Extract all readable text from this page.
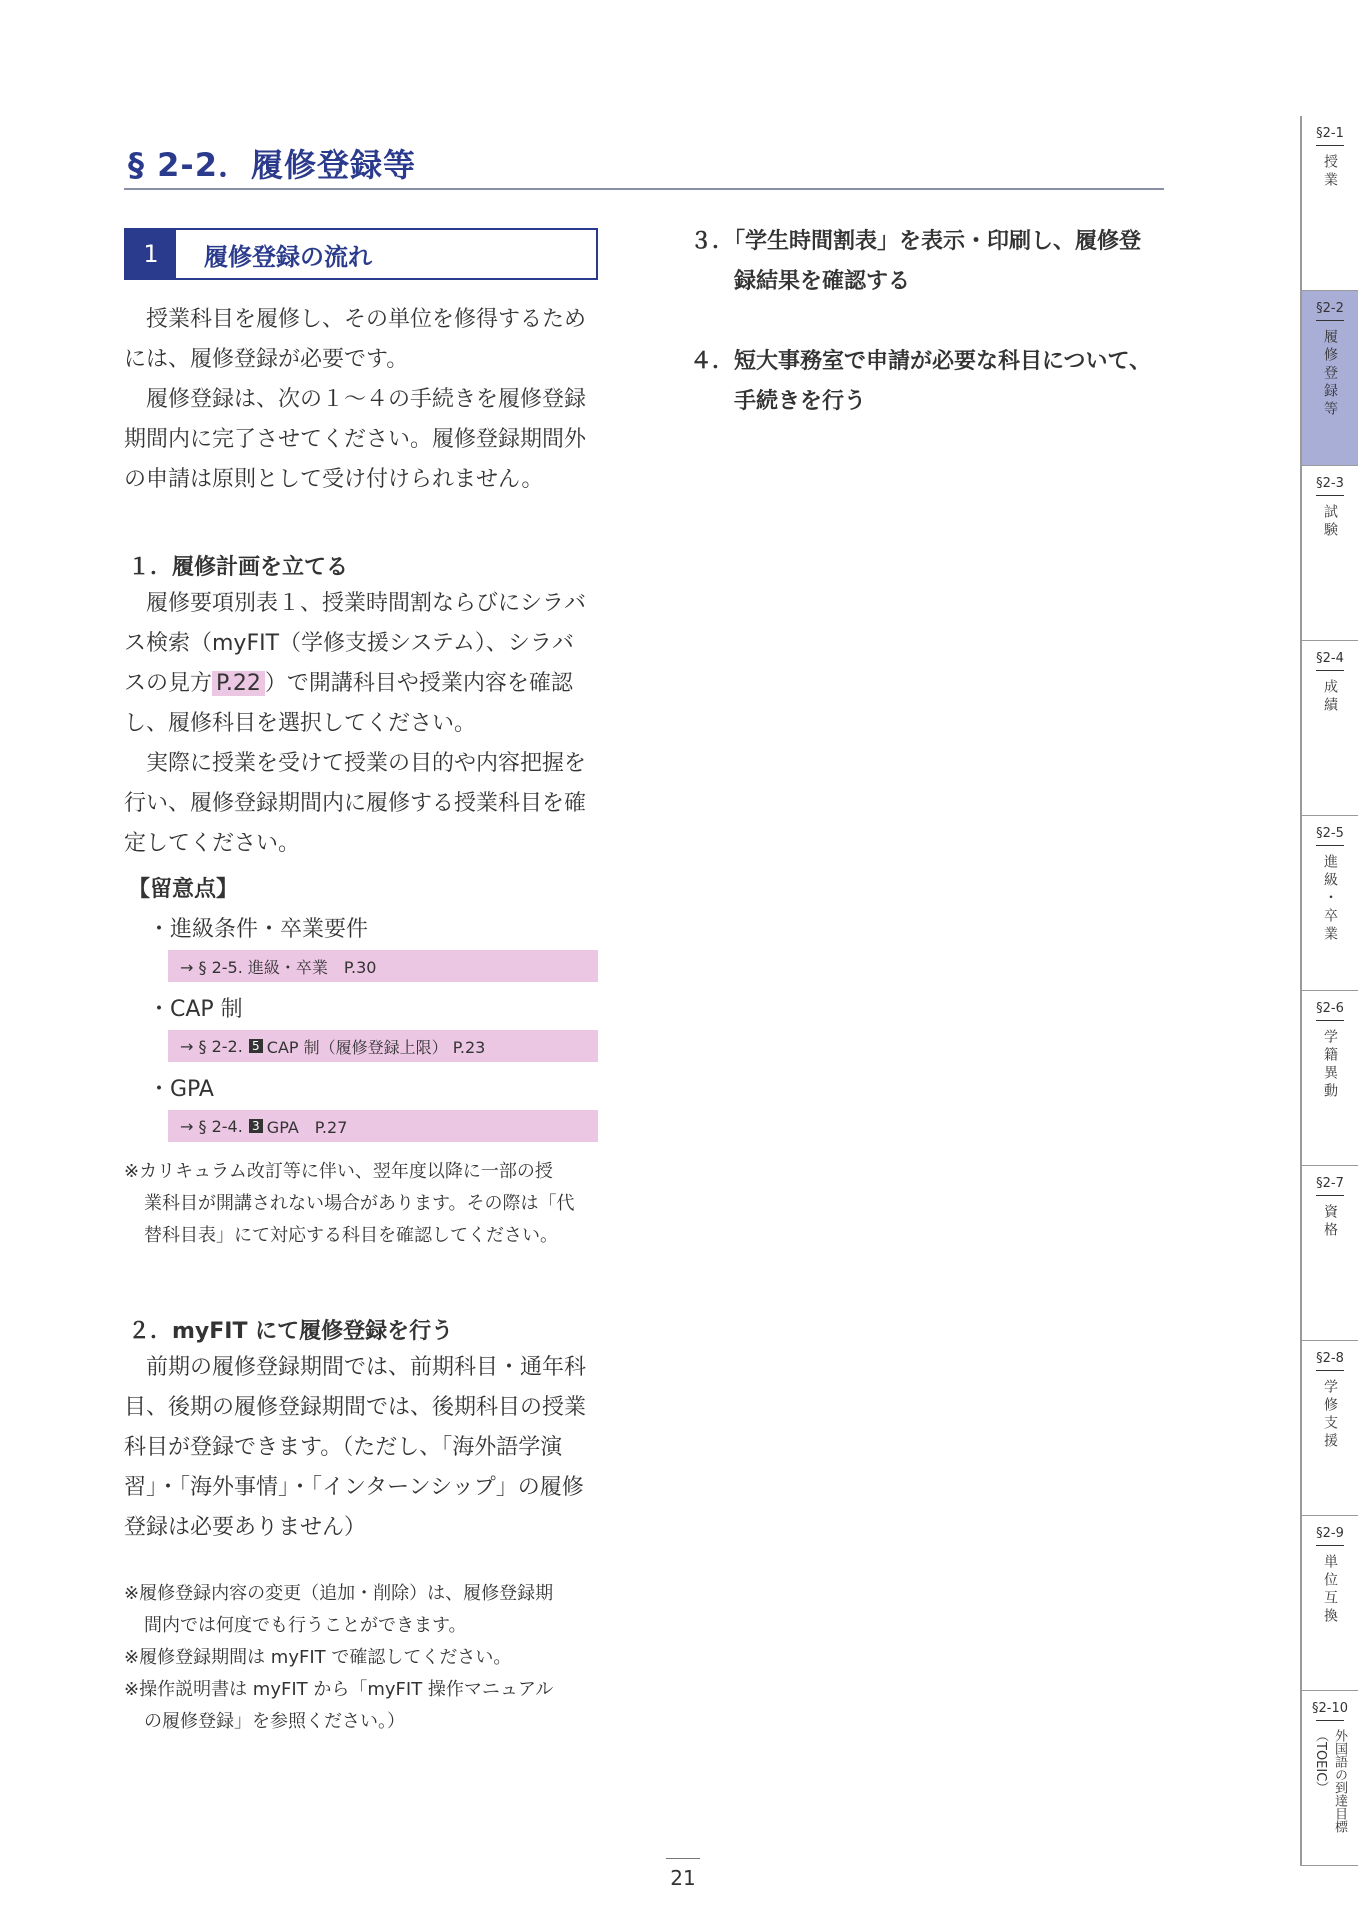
§ 2-2．履修登録等
1	履修登録の流れ
授業科目を履修し、その単位を修得するため
には、履修登録が必要です。
履修登録は、次の１～４の手続きを履修登録
期間内に完了させてください。履修登録期間外
の申請は原則として受け付けられません。
１．履修計画を立てる
履修要項別表１、授業時間割ならびにシラバ
ス検索（myFIT（学修支援システム）、シラバ
スの見方 P.22 ）で開講科目や授業内容を確認
し、履修科目を選択してください。
実際に授業を受けて授業の目的や内容把握を
行い、履修登録期間内に履修する授業科目を確
定してください。
【留意点】
・進級条件・卒業要件
→ § 2-5. 進級・卒業　P.30
・CAP 制
→ § 2-2. 5 CAP 制（履修登録上限） P.23
・GPA
→ § 2-4. 3 GPA　P.27
※カリキュラム改訂等に伴い、翌年度以降に一部の授
業科目が開講されない場合があります。その際は「代
替科目表」にて対応する科目を確認してください。
２．myFIT にて履修登録を行う
前期の履修登録期間では、前期科目・通年科
目、後期の履修登録期間では、後期科目の授業
科目が登録できます。（ただし、「海外語学演
習」・「海外事情」・「インターンシップ」の履修
登録は必要ありません）
※履修登録内容の変更（追加・削除）は、履修登録期
間内では何度でも行うことができます。
※履修登録期間は myFIT で確認してください。
※操作説明書は myFIT から「myFIT 操作マニュアル
の履修登録」を参照ください。）
３．「学生時間割表」を表示・印刷し、履修登
録結果を確認する
４．短大事務室で申請が必要な科目について、
手続きを行う
21
§2-1
授業
§2-2
履修登録等
§2-3
試験
§2-4
成績
§2-5
進級・卒業
§2-6
学籍異動
§2-7
資格
§2-8
学修支援
§2-9
単位互換
§2-10
外国語の到達目標（TOEIC）
